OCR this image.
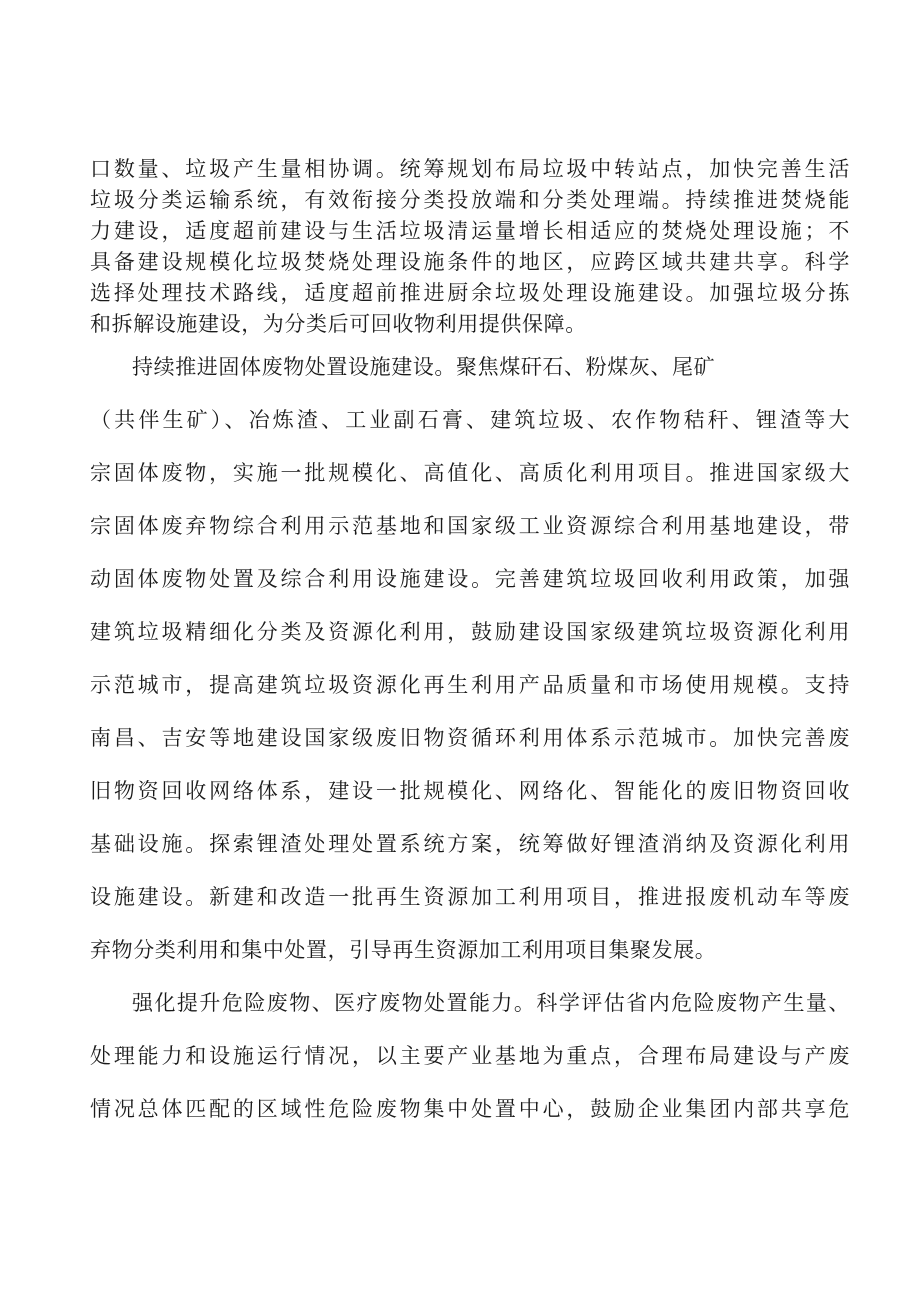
口数量、垃圾产生量相协调。统筹规划布局垃圾中转站点，加快完善生活
垃圾分类运输系统，有效衔接分类投放端和分类处理端。持续推进焚烧能
力建设，适度超前建设与生活垃圾清运量增长相适应的焚烧处理设施；不
具备建设规模化垃圾焚烧处理设施条件的地区，应跨区域共建共享。科学
选择处理技术路线，适度超前推进厨余垃圾处理设施建设。加强垃圾分拣
和拆解设施建设，为分类后可回收物利用提供保障。
持续推进固体废物处置设施建设。聚焦煤矸石、粉煤灰、尾矿
（共伴生矿）、冶炼渣、工业副石膏、建筑垃圾、农作物秸秆、锂渣等大
宗固体废物，实施一批规模化、高值化、高质化利用项目。推进国家级大
宗固体废弃物综合利用示范基地和国家级工业资源综合利用基地建设，带
动固体废物处置及综合利用设施建设。完善建筑垃圾回收利用政策，加强
建筑垃圾精细化分类及资源化利用，鼓励建设国家级建筑垃圾资源化利用
示范城市，提高建筑垃圾资源化再生利用产品质量和市场使用规模。支持
南昌、吉安等地建设国家级废旧物资循环利用体系示范城市。加快完善废
旧物资回收网络体系，建设一批规模化、网络化、智能化的废旧物资回收
基础设施。探索锂渣处理处置系统方案，统筹做好锂渣消纳及资源化利用
设施建设。新建和改造一批再生资源加工利用项目，推进报废机动车等废
弃物分类利用和集中处置，引导再生资源加工利用项目集聚发展。
强化提升危险废物、医疗废物处置能力。科学评估省内危险废物产生量、
处理能力和设施运行情况，以主要产业基地为重点，合理布局建设与产废
情况总体匹配的区域性危险废物集中处置中心，鼓励企业集团内部共享危
